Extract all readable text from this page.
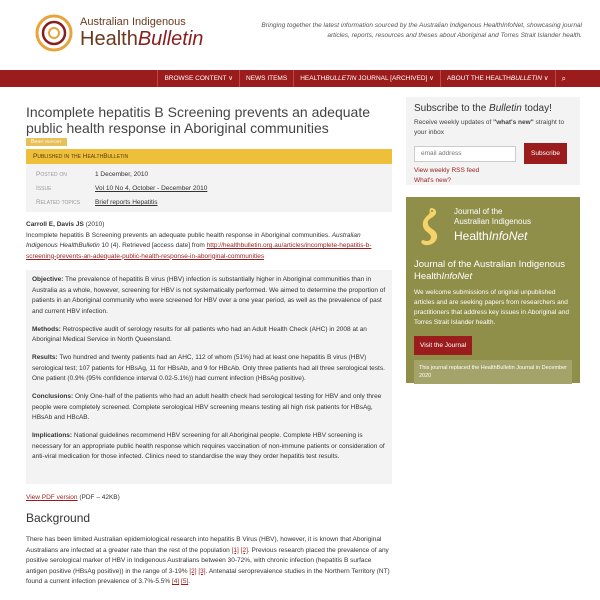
Australian Indigenous
HealthBulletin
Bringing together the latest information sourced by the Australian Indigenous HealthInfoNet, showcasing journal articles, reports, resources and theses about Aboriginal and Torres Strait Islander health.
BROWSE CONTENT ∨	NEWS ITEMS	HEALTHBULLETIN JOURNAL [ARCHIVED] ∨	ABOUT THE HEALTHBULLETIN ∨	⌕
Incomplete hepatitis B Screening prevents an adequate public health response in Aboriginal communities
Brief report
Published in the HealthBulletin
Posted on	1 December, 2010
Issue	Vol 10 No 4, October - December 2010
Related topics	Brief reports Hepatitis
Carroll E, Davis JS (2010)
Incomplete hepatitis B Screening prevents an adequate public health response in Aboriginal communities. Australian Indigenous HealthBulletin 10 (4). Retrieved [access date] from http://healthbulletin.org.au/articles/incomplete-hepatitis-b-screening-prevents-an-adequate-public-health-response-in-aboriginal-communities

Objective: The prevalence of hepatitis B virus (HBV) infection is substantially higher in Aboriginal communities than in Australia as a whole, however, screening for HBV is not systematically performed. We aimed to determine the proportion of patients in an Aboriginal community who were screened for HBV over a one year period, as well as the prevalence of past and current HBV infection.

Methods: Retrospective audit of serology results for all patients who had an Adult Health Check (AHC) in 2008 at an Aboriginal Medical Service in North Queensland.

Results: Two hundred and twenty patients had an AHC, 112 of whom (51%) had at least one hepatitis B virus (HBV) serological test; 107 patients for HBsAg, 11 for HBsAb, and 9 for HBcAb. Only three patients had all three serological tests. One patient (0.9% (95% confidence interval 0.02-5.1%)) had current infection (HBsAg positive).

Conclusions: Only One-half of the patients who had an adult health check had serological testing for HBV and only three people were completely screened. Complete serological HBV screening means testing all high risk patients for HBsAg, HBsAb and HBcAB.

Implications: National guidelines recommend HBV screening for all Aboriginal people. Complete HBV screening is necessary for an appropriate public health response which requires vaccination of non-immune patients or consideration of anti-viral medication for those infected. Clinics need to standardise the way they order hepatitis test results.

View PDF version (PDF – 42KB)
Background

There has been limited Australian epidemiological research into hepatitis B Virus (HBV), however, it is known that Aboriginal Australians are infected at a greater rate than the rest of the population [1] [2]. Previous research placed the prevalence of any positive serological marker of HBV in Indigenous Australians between 30-72%, with chronic infection (hepatitis B surface antigen positive (HBsAg positive)) in the range of 3-19% [2] [3]. Antenatal seroprevalence studies in the Northern Territory (NT) found a current infection prevalence of 3.7%-5.5% [4] [5].

Subscribe to the Bulletin today!
Receive weekly updates of "what's new" straight to your inbox
email address
Subscribe
View weekly RSS feed
What's new?
Journal of the
Australian Indigenous
HealthInfoNet
Journal of the Australian Indigenous HealthInfoNet
We welcome submissions of original unpublished articles and are seeking papers from researchers and practitioners that address key issues in Aboriginal and Torres Strait Islander health.
Visit the Journal
This journal replaced the HealthBulletin Journal in December 2020
